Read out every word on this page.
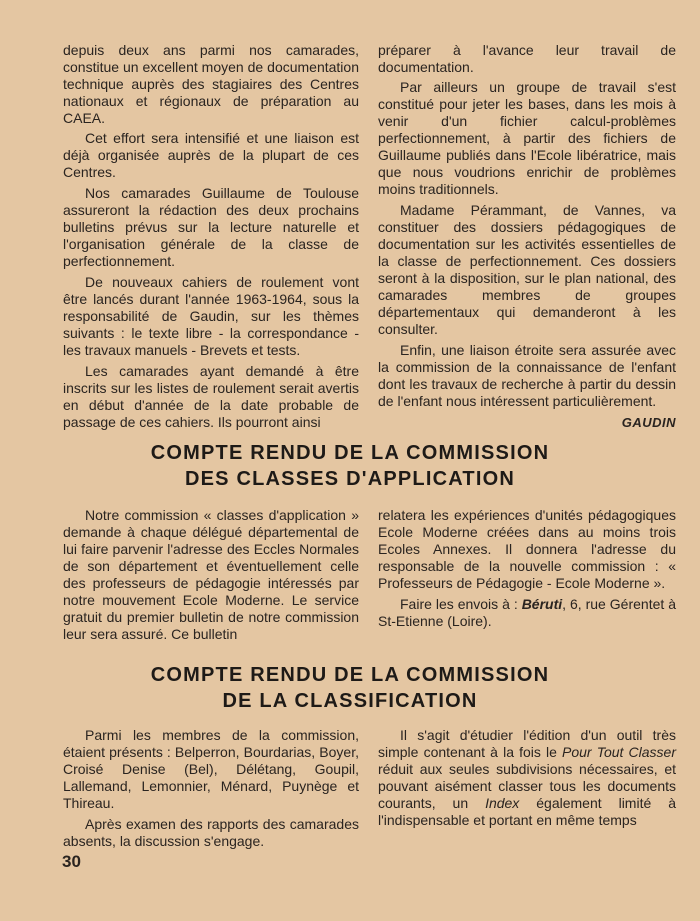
depuis deux ans parmi nos camarades, constitue un excellent moyen de documentation technique auprès des stagiaires des Centres nationaux et régionaux de préparation au CAEA.

Cet effort sera intensifié et une liaison est déjà organisée auprès de la plupart de ces Centres.

Nos camarades Guillaume de Toulouse assureront la rédaction des deux prochains bulletins prévus sur la lecture naturelle et l'organisation générale de la classe de perfectionnement.

De nouveaux cahiers de roulement vont être lancés durant l'année 1963-1964, sous la responsabilité de Gaudin, sur les thèmes suivants : le texte libre - la correspondance - les travaux manuels - Brevets et tests.

Les camarades ayant demandé à être inscrits sur les listes de roulement serait avertis en début d'année de la date probable de passage de ces cahiers. Ils pourront ainsi

préparer à l'avance leur travail de documentation.

Par ailleurs un groupe de travail s'est constitué pour jeter les bases, dans les mois à venir d'un fichier calcul-problèmes perfectionnement, à partir des fichiers de Guillaume publiés dans l'Ecole libératrice, mais que nous voudrions enrichir de problèmes moins traditionnels.

Madame Pérammant, de Vannes, va constituer des dossiers pédagogiques de documentation sur les activités essentielles de la classe de perfectionnement. Ces dossiers seront à la disposition, sur le plan national, des camarades membres de groupes départementaux qui demanderont à les consulter.

Enfin, une liaison étroite sera assurée avec la commission de la connaissance de l'enfant dont les travaux de recherche à partir du dessin de l'enfant nous intéressent particulièrement.

GAUDIN
COMPTE RENDU DE LA COMMISSION
DES CLASSES D'APPLICATION

Notre commission « classes d'application » demande à chaque délégué départemental de lui faire parvenir l'adresse des Eccles Normales de son département et éventuellement celle des professeurs de pédagogie intéressés par notre mouvement Ecole Moderne. Le service gratuit du premier bulletin de notre commission leur sera assuré. Ce bulletin

relatera les expériences d'unités pédagogiques Ecole Moderne créées dans au moins trois Ecoles Annexes. Il donnera l'adresse du responsable de la nouvelle commission : « Professeurs de Pédagogie - Ecole Moderne ».

Faire les envois à : Béruti, 6, rue Gérentet à St-Etienne (Loire).

COMPTE RENDU DE LA COMMISSION
DE LA CLASSIFICATION

Parmi les membres de la commission, étaient présents : Belperron, Bourdarias, Boyer, Croisé Denise (Bel), Délétang, Goupil, Lallemand, Lemonnier, Ménard, Puynège et Thireau.

Après examen des rapports des camarades absents, la discussion s'engage.

Il s'agit d'étudier l'édition d'un outil très simple contenant à la fois le Pour Tout Classer réduit aux seules subdivisions nécessaires, et pouvant aisément classer tous les documents courants, un Index également limité à l'indispensable et portant en même temps

30
